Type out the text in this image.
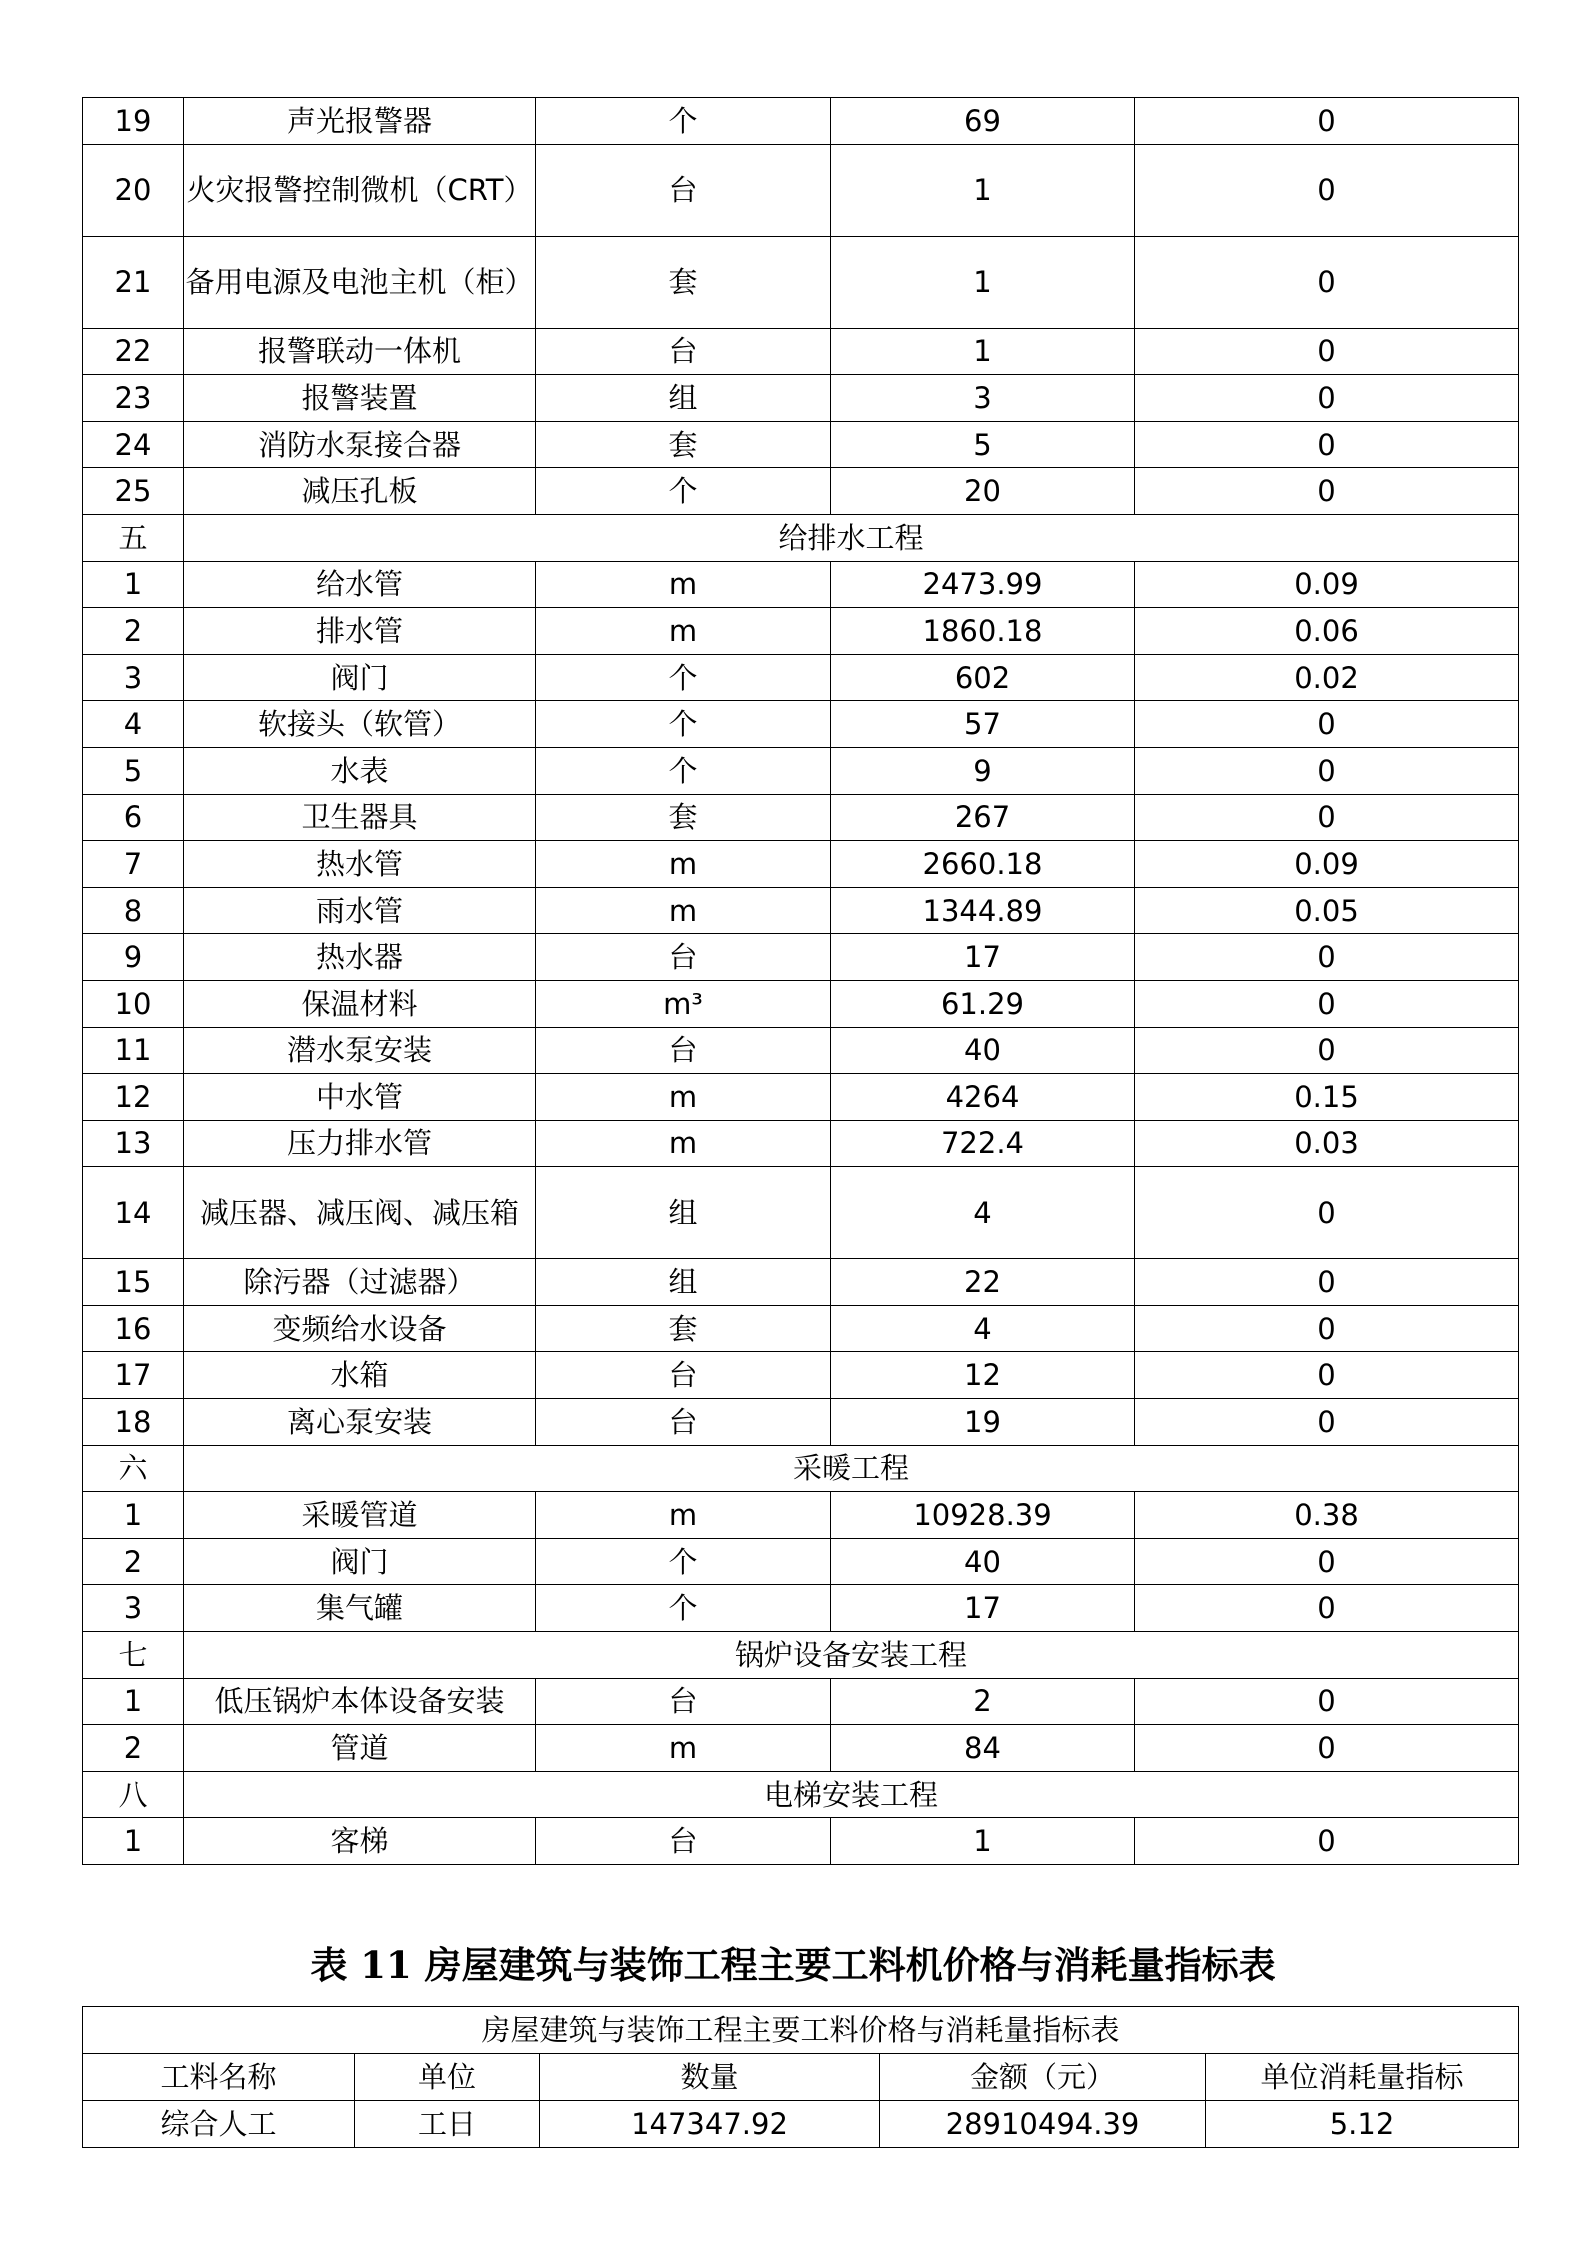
19	声光报警器	个	69	0
20	火灾报警控制微机（CRT）	台	1	0
21	备用电源及电池主机（柜）	套	1	0
22	报警联动一体机	台	1	0
23	报警装置	组	3	0
24	消防水泵接合器	套	5	0
25	减压孔板	个	20	0
五	给排水工程			
1	给水管	m	2473.99	0.09
2	排水管	m	1860.18	0.06
3	阀门	个	602	0.02
4	软接头（软管）	个	57	0
5	水表	个	9	0
6	卫生器具	套	267	0
7	热水管	m	2660.18	0.09
8	雨水管	m	1344.89	0.05
9	热水器	台	17	0
10	保温材料	m³	61.29	0
11	潜水泵安装	台	40	0
12	中水管	m	4264	0.15
13	压力排水管	m	722.4	0.03
14	减压器、减压阀、减压箱	组	4	0
15	除污器（过滤器）	组	22	0
16	变频给水设备	套	4	0
17	水箱	台	12	0
18	离心泵安装	台	19	0
六	采暖工程			
1	采暖管道	m	10928.39	0.38
2	阀门	个	40	0
3	集气罐	个	17	0
七	锅炉设备安装工程			
1	低压锅炉本体设备安装	台	2	0
2	管道	m	84	0
八	电梯安装工程			
1	客梯	台	1	0
表 11 房屋建筑与装饰工程主要工料机价格与消耗量指标表
房屋建筑与装饰工程主要工料价格与消耗量指标表				
工料名称	单位	数量	金额（元）	单位消耗量指标
综合人工	工日	147347.92	28910494.39	5.12
